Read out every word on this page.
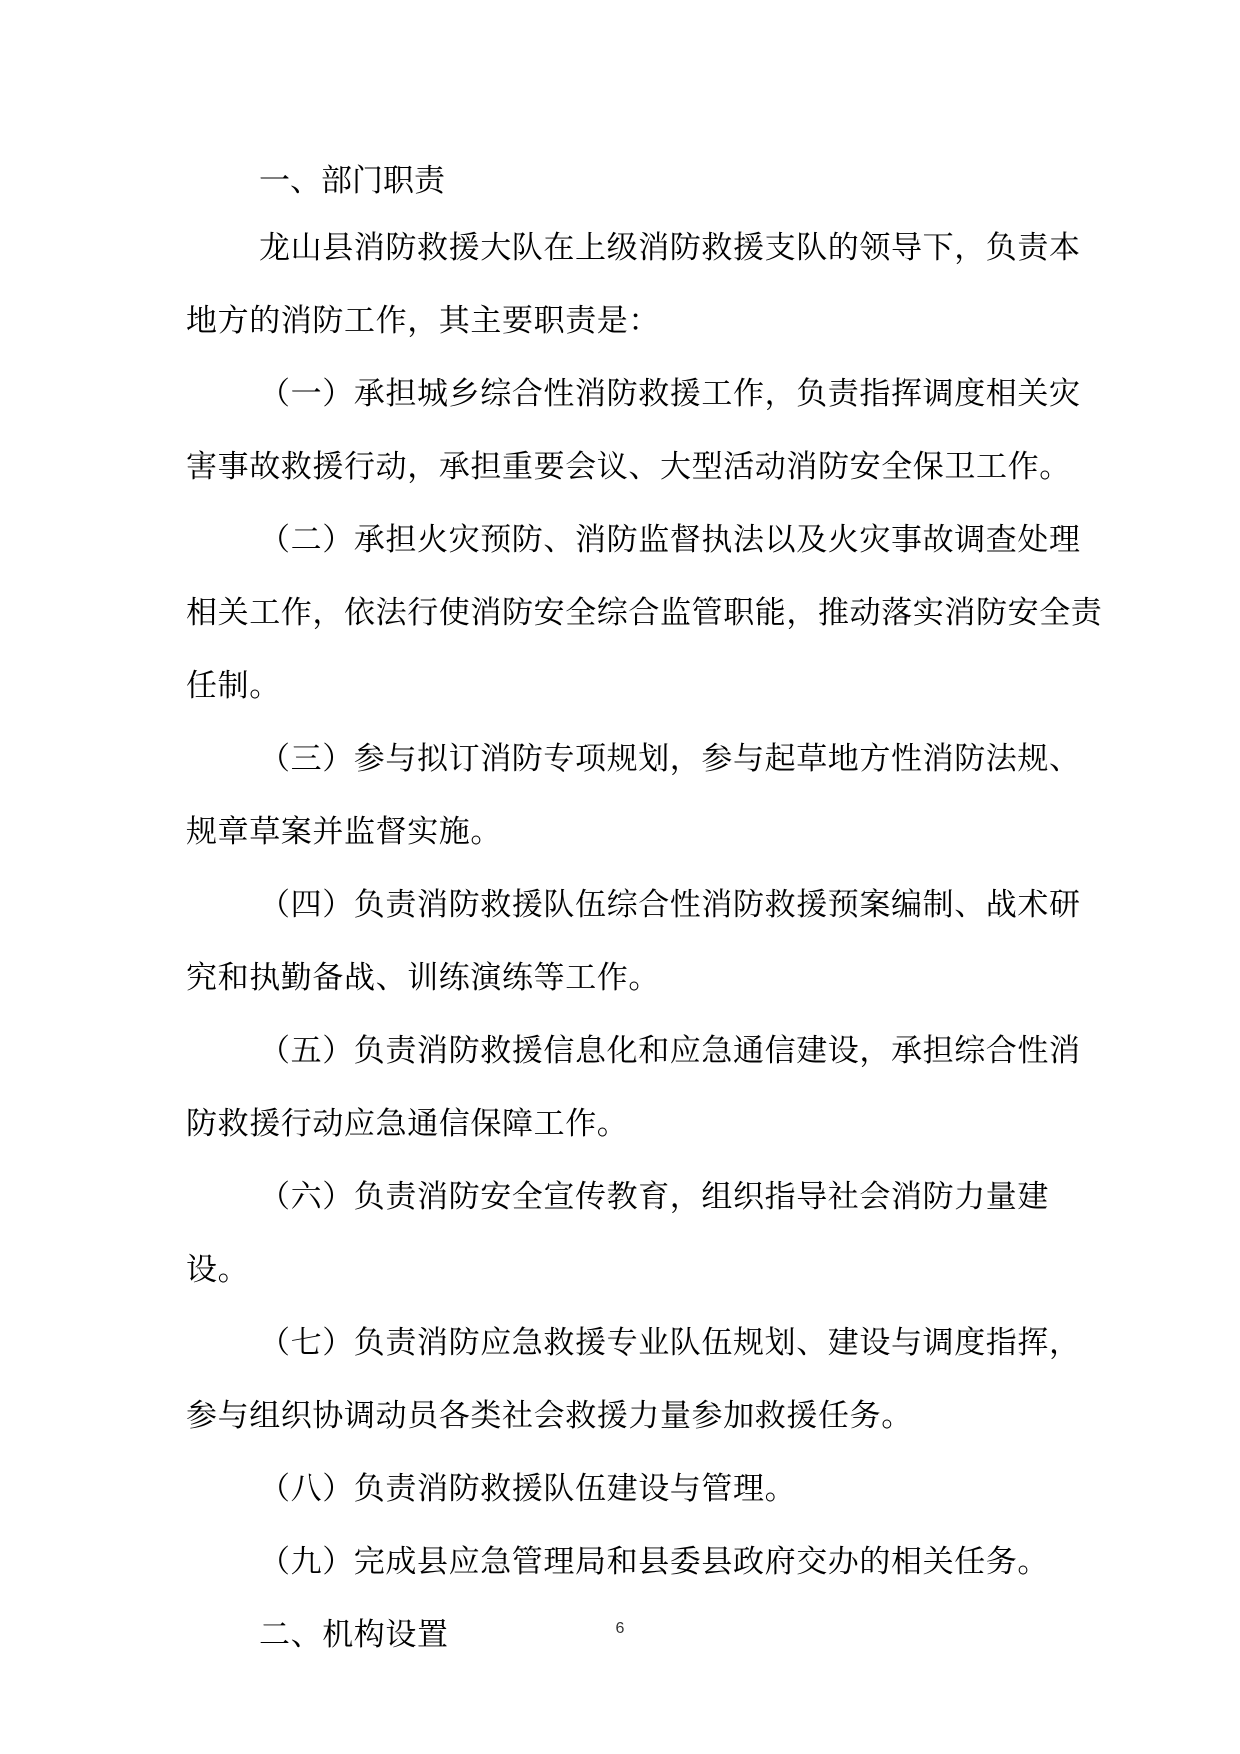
一、部门职责

龙山县消防救援大队在上级消防救援支队的领导下，负责本地方的消防工作，其主要职责是：

（一）承担城乡综合性消防救援工作，负责指挥调度相关灾害事故救援行动，承担重要会议、大型活动消防安全保卫工作。

（二）承担火灾预防、消防监督执法以及火灾事故调查处理相关工作，依法行使消防安全综合监管职能，推动落实消防安全责任制。

（三）参与拟订消防专项规划，参与起草地方性消防法规、规章草案并监督实施。

（四）负责消防救援队伍综合性消防救援预案编制、战术研究和执勤备战、训练演练等工作。

（五）负责消防救援信息化和应急通信建设，承担综合性消防救援行动应急通信保障工作。

（六）负责消防安全宣传教育，组织指导社会消防力量建设。

（七）负责消防应急救援专业队伍规划、建设与调度指挥，参与组织协调动员各类社会救援力量参加救援任务。

（八）负责消防救援队伍建设与管理。

（九）完成县应急管理局和县委县政府交办的相关任务。

二、机构设置	6
